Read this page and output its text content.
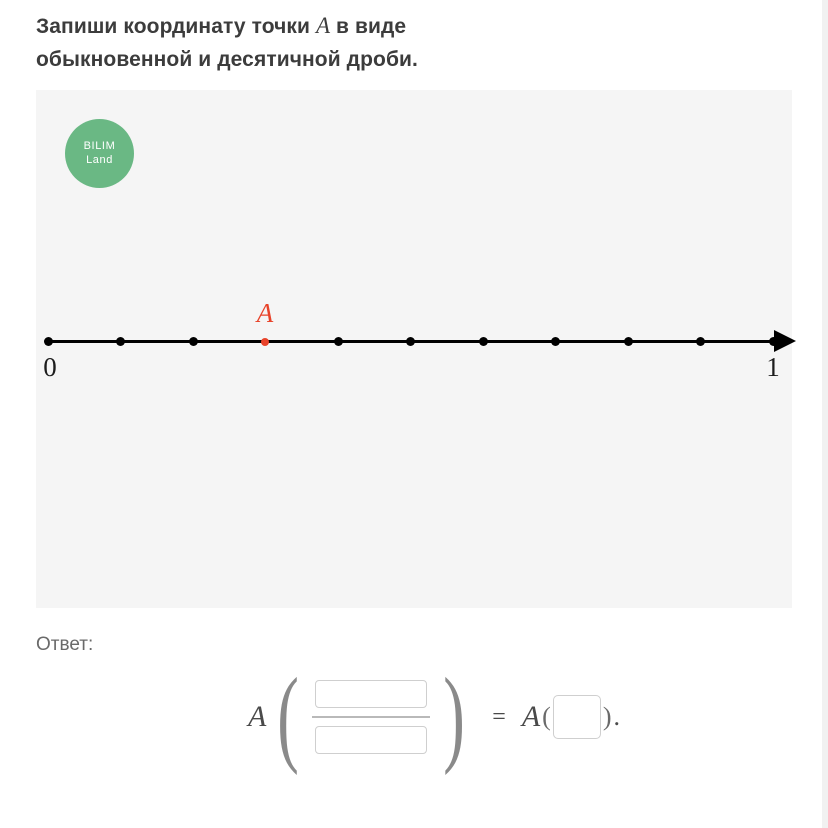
Запиши координату точки A в виде
обыкновенной и десятичной дроби.
BILIM
Land
A
0	1
Ответ:
A ( ) = A ( ) .
